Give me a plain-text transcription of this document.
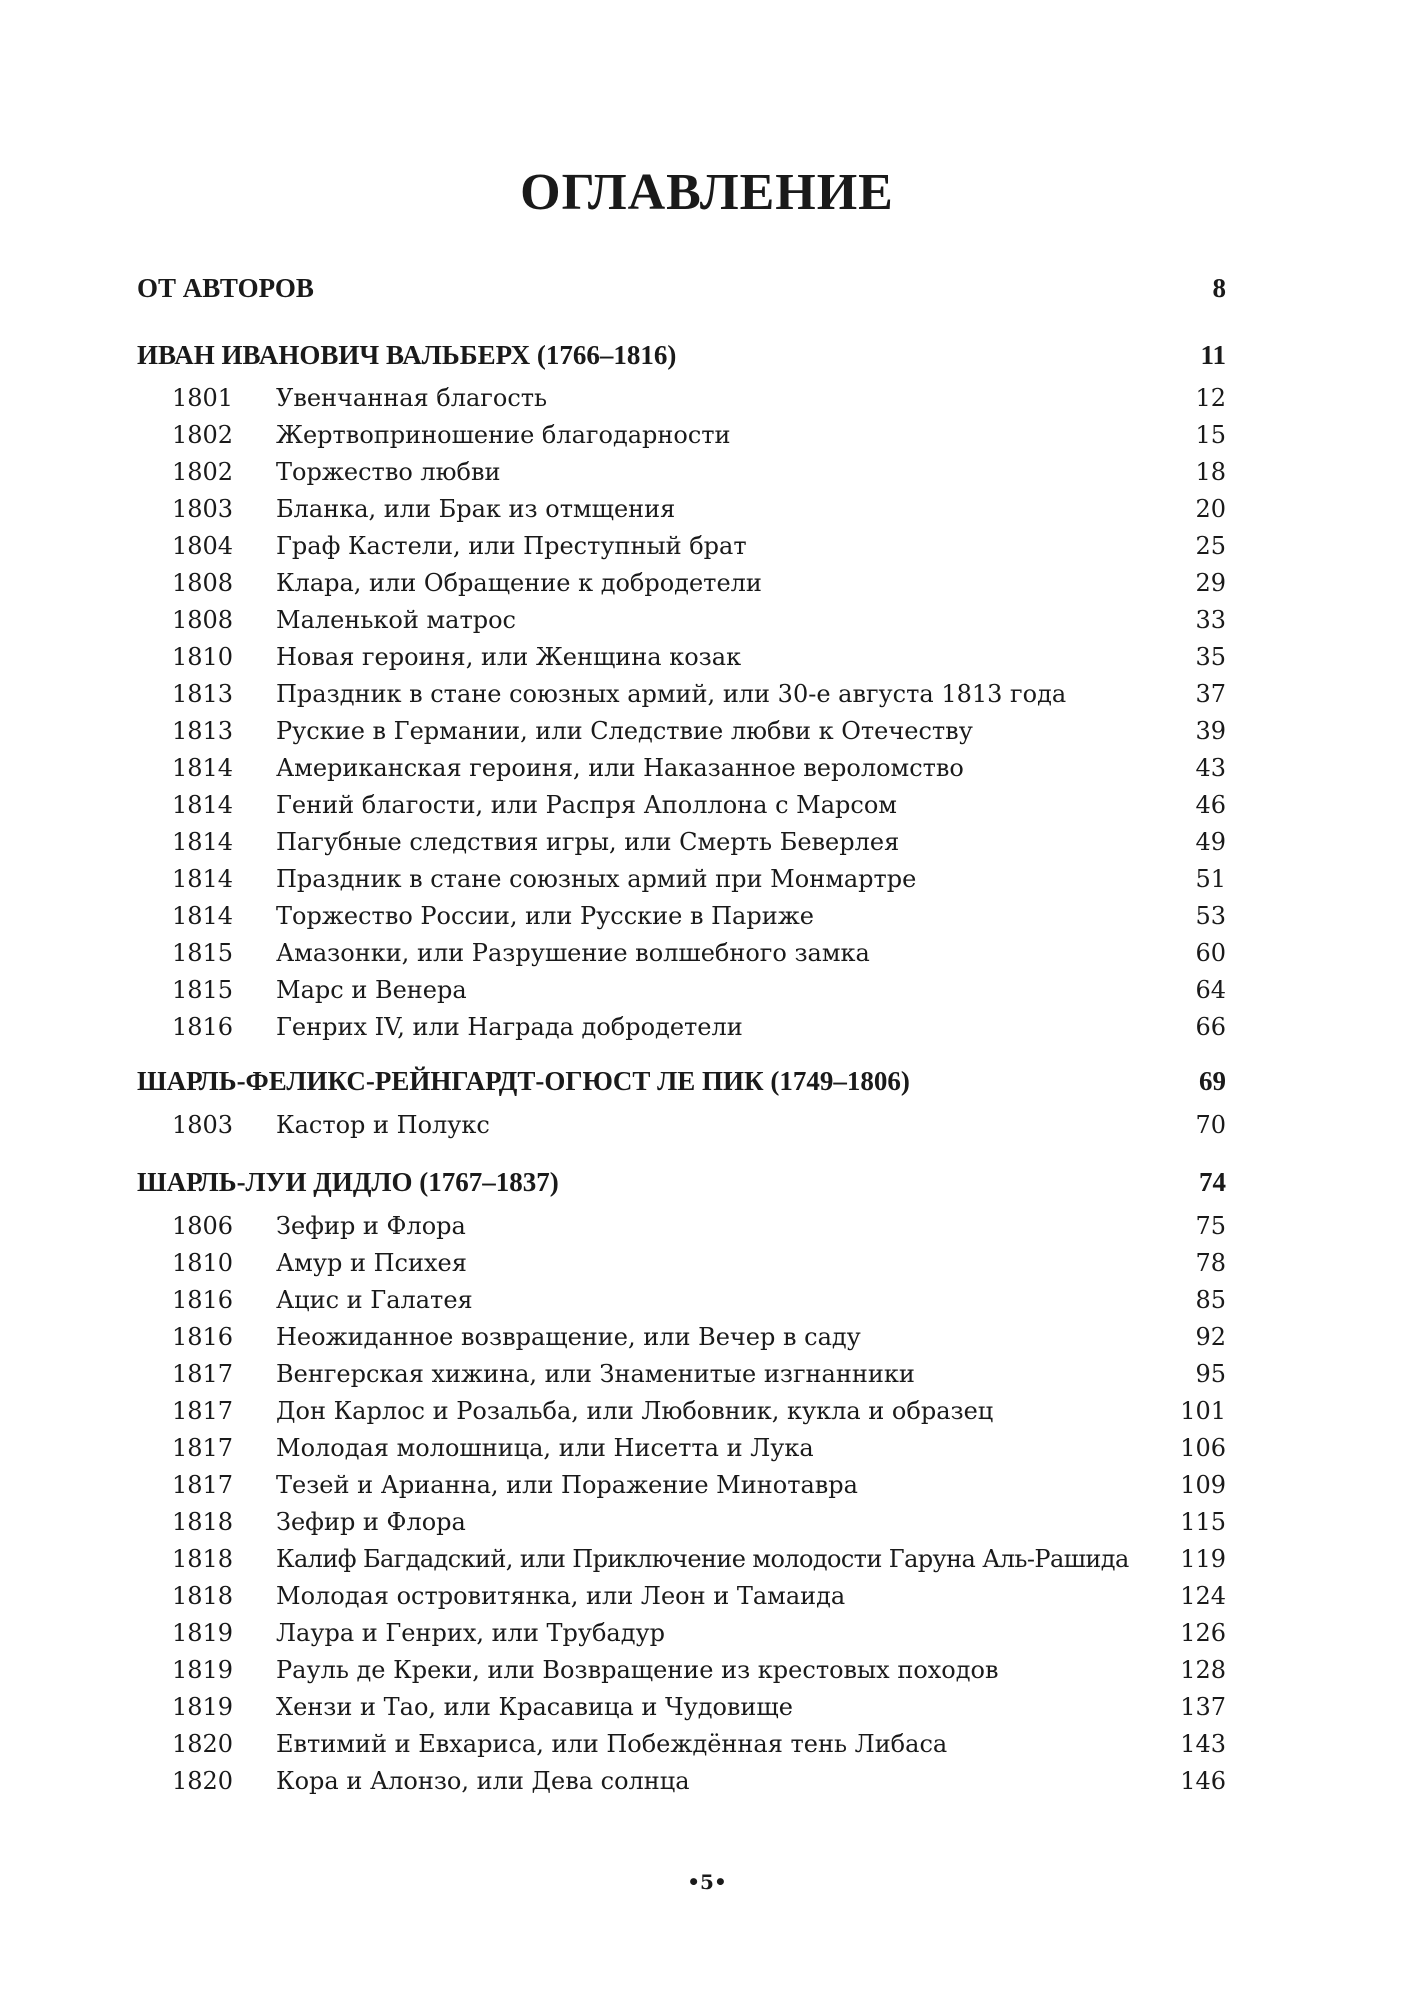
ОГЛАВЛЕНИЕ
ОТ АВТОРОВ	8
ИВАН ИВАНОВИЧ ВАЛЬБЕРХ (1766–1816)	11
1801 Увенчанная благость	12
1802 Жертвоприношение благодарности	15
1802 Торжество любви	18
1803 Бланка, или Брак из отмщения	20
1804 Граф Кастели, или Преступный брат	25
1808 Клара, или Обращение к добродетели	29
1808 Маленькой матрос	33
1810 Новая героиня, или Женщина козак	35
1813 Праздник в стане союзных армий, или 30-е августа 1813 года	37
1813 Руские в Германии, или Следствие любви к Отечеству	39
1814 Американская героиня, или Наказанное вероломство	43
1814 Гений благости, или Распря Аполлона с Марсом	46
1814 Пагубные следствия игры, или Смерть Беверлея	49
1814 Праздник в стане союзных армий при Монмартре	51
1814 Торжество России, или Русские в Париже	53
1815 Амазонки, или Разрушение волшебного замка	60
1815 Марс и Венера	64
1816 Генрих IV, или Награда добродетели	66
ШАРЛЬ-ФЕЛИКС-РЕЙНГАРДТ-ОГЮСТ ЛЕ ПИК (1749–1806)	69
1803 Кастор и Полукс	70
ШАРЛЬ-ЛУИ ДИДЛО (1767–1837)	74
1806 Зефир и Флора	75
1810 Амур и Психея	78
1816 Ацис и Галатея	85
1816 Неожиданное возвращение, или Вечер в саду	92
1817 Венгерская хижина, или Знаменитые изгнанники	95
1817 Дон Карлос и Розальба, или Любовник, кукла и образец	101
1817 Молодая молошница, или Нисетта и Лука	106
1817 Тезей и Арианна, или Поражение Минотавра	109
1818 Зефир и Флора	115
1818 Калиф Багдадский, или Приключение молодости Гаруна Аль-Рашида 119
1818 Молодая островитянка, или Леон и Тамаида	124
1819 Лаура и Генрих, или Трубадур	126
1819 Рауль де Креки, или Возвращение из крестовых походов	128
1819 Хензи и Тао, или Красавица и Чудовище	137
1820 Евтимий и Евхариса, или Побеждённая тень Либаса	143
1820 Кора и Алонзо, или Дева солнца	146
•5•
